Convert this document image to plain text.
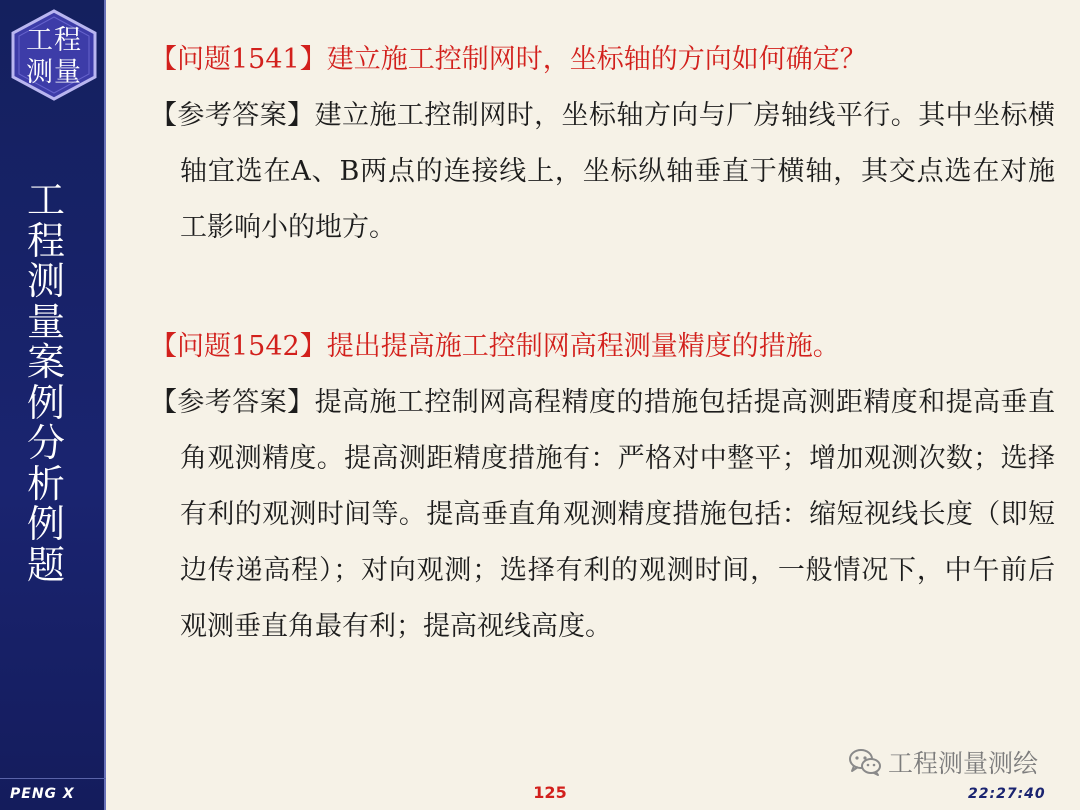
工程
测量
工程测量案例分析例题
PENG X
【问题1541】建立施工控制网时，坐标轴的方向如何确定？
【参考答案】建立施工控制网时，坐标轴方向与厂房轴线平行。其中坐标横轴宜选在A、B两点的连接线上，坐标纵轴垂直于横轴，其交点选在对施工影响小的地方。
【问题1542】提出提高施工控制网高程测量精度的措施。
【参考答案】提高施工控制网高程精度的措施包括提高测距精度和提高垂直角观测精度。提高测距精度措施有：严格对中整平；增加观测次数；选择有利的观测时间等。提高垂直角观测精度措施包括：缩短视线长度（即短边传递高程）；对向观测；选择有利的观测时间，一般情况下，中午前后观测垂直角最有利；提高视线高度。
125
工程测量测绘
22:27:40
